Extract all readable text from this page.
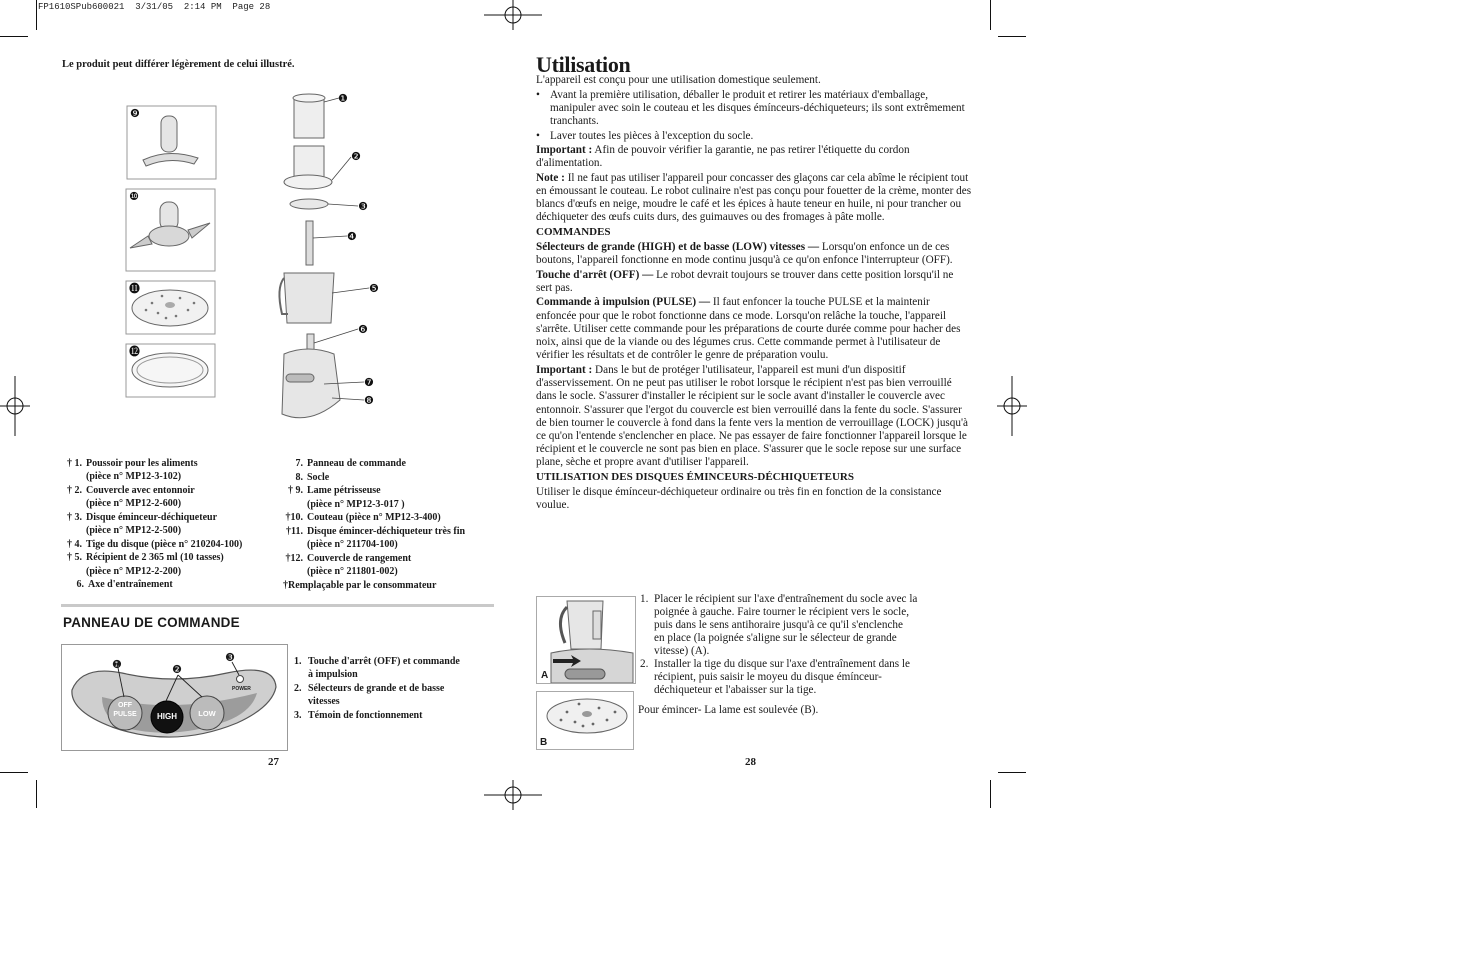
FP1610SPub600021  3/31/05  2:14 PM  Page 28
Le produit peut différer légèrement de celui illustré.
❶
❷
❸
❹
❺
❻
❼
❽
❾
❿
⓫
⓬
† 1. Poussoir pour les aliments
(pièce n° MP12-3-102)
† 2. Couvercle avec entonnoir
(pièce n° MP12-2-600)
† 3. Disque éminceur-déchiqueteur
(pièce n° MP12-2-500)
† 4. Tige du disque (pièce n° 210204-100)
† 5. Récipient de 2 365 ml (10 tasses)
(pièce n° MP12-2-200)
6. Axe d'entraînement
7. Panneau de commande
8. Socle
† 9. Lame pétrisseuse
(pièce n° MP12-3-017 )
†10. Couteau (pièce n° MP12-3-400)
†11. Disque émincer-déchiqueteur très fin
(pièce n° 211704-100)
†12. Couvercle de rangement
(pièce n° 211801-002)
†Remplaçable par le consommateur
PANNEAU DE COMMANDE
❶	❷
❸
OFF
PULSE	HIGH	LOW
POWER
1. Touche d'arrêt (OFF) et commande
à impulsion
2. Sélecteurs de grande et de basse
vitesses
3. Témoin de fonctionnement
27
Utilisation

L'appareil est conçu pour une utilisation domestique seulement.

• Avant la première utilisation, déballer le produit et retirer les matériaux d'emballage, manipuler avec soin le couteau et les disques émínceurs-déchiqueteurs; ils sont extrêmement tranchants.
• Laver toutes les pièces à l'exception du socle.

Important : Afin de pouvoir vérifier la garantie, ne pas retirer l'étiquette du cordon d'alimentation.

Note : Il ne faut pas utiliser l'appareil pour concasser des glaçons car cela abîme le récipient tout en émoussant le couteau. Le robot culinaire n'est pas conçu pour fouetter de la crème, monter des blancs d'œufs en neige, moudre le café et les épices à haute teneur en huile, ni pour trancher ou déchiqueter des œufs cuits durs, des guimauves ou des fromages à pâte molle.

COMMANDES

Sélecteurs de grande (HIGH) et de basse (LOW) vitesses — Lorsqu'on enfonce un de ces boutons, l'appareil fonctionne en mode continu jusqu'à ce qu'on enfonce l'interrupteur (OFF).

Touche d'arrêt (OFF) — Le robot devrait toujours se trouver dans cette position lorsqu'il ne sert pas.

Commande à impulsion (PULSE) — Il faut enfoncer la touche PULSE et la maintenir enfoncée pour que le robot fonctionne dans ce mode. Lorsqu'on relâche la touche, l'appareil s'arrête. Utiliser cette commande pour les préparations de courte durée comme pour hacher des noix, ainsi que de la viande ou des légumes crus. Cette commande permet à l'utilisateur de vérifier les résultats et de contrôler le genre de préparation voulu.

Important : Dans le but de protéger l'utilisateur, l'appareil est muni d'un dispositif d'asservissement. On ne peut pas utiliser le robot lorsque le récipient n'est pas bien verrouillé dans le socle. S'assurer d'installer le récipient sur le socle avant d'installer le couvercle avec entonnoir. S'assurer que l'ergot du couvercle est bien verrouillé dans la fente du socle. S'assurer de bien tourner le couvercle à fond dans la fente vers la mention de verrouillage (LOCK) jusqu'à ce qu'on l'entende s'enclencher en place. Ne pas essayer de faire fonctionner l'appareil lorsque le récipient et le couvercle ne sont pas bien en place. S'assurer que le socle repose sur une surface plane, sèche et propre avant d'utiliser l'appareil.

UTILISATION DES DISQUES ÉMINCEURS-DÉCHIQUETEURS

Utiliser le disque émínceur-déchiqueteur ordinaire ou très fin en fonction de la consistance voulue.

A
B
1. Placer le récipient sur l'axe d'entraînement du socle avec la
poignée à gauche. Faire tourner le récipient vers le socle,
puis dans le sens antihoraire jusqu'à ce qu'il s'enclenche
en place (la poignée s'aligne sur le sélecteur de grande
vitesse) (A).
2. Installer la tige du disque sur l'axe d'entraînement dans le
récipient, puis saisir le moyeu du disque émínceur-
déchiqueteur et l'abaisser sur la tige.
Pour émincer- La lame est soulevée (B).
28
